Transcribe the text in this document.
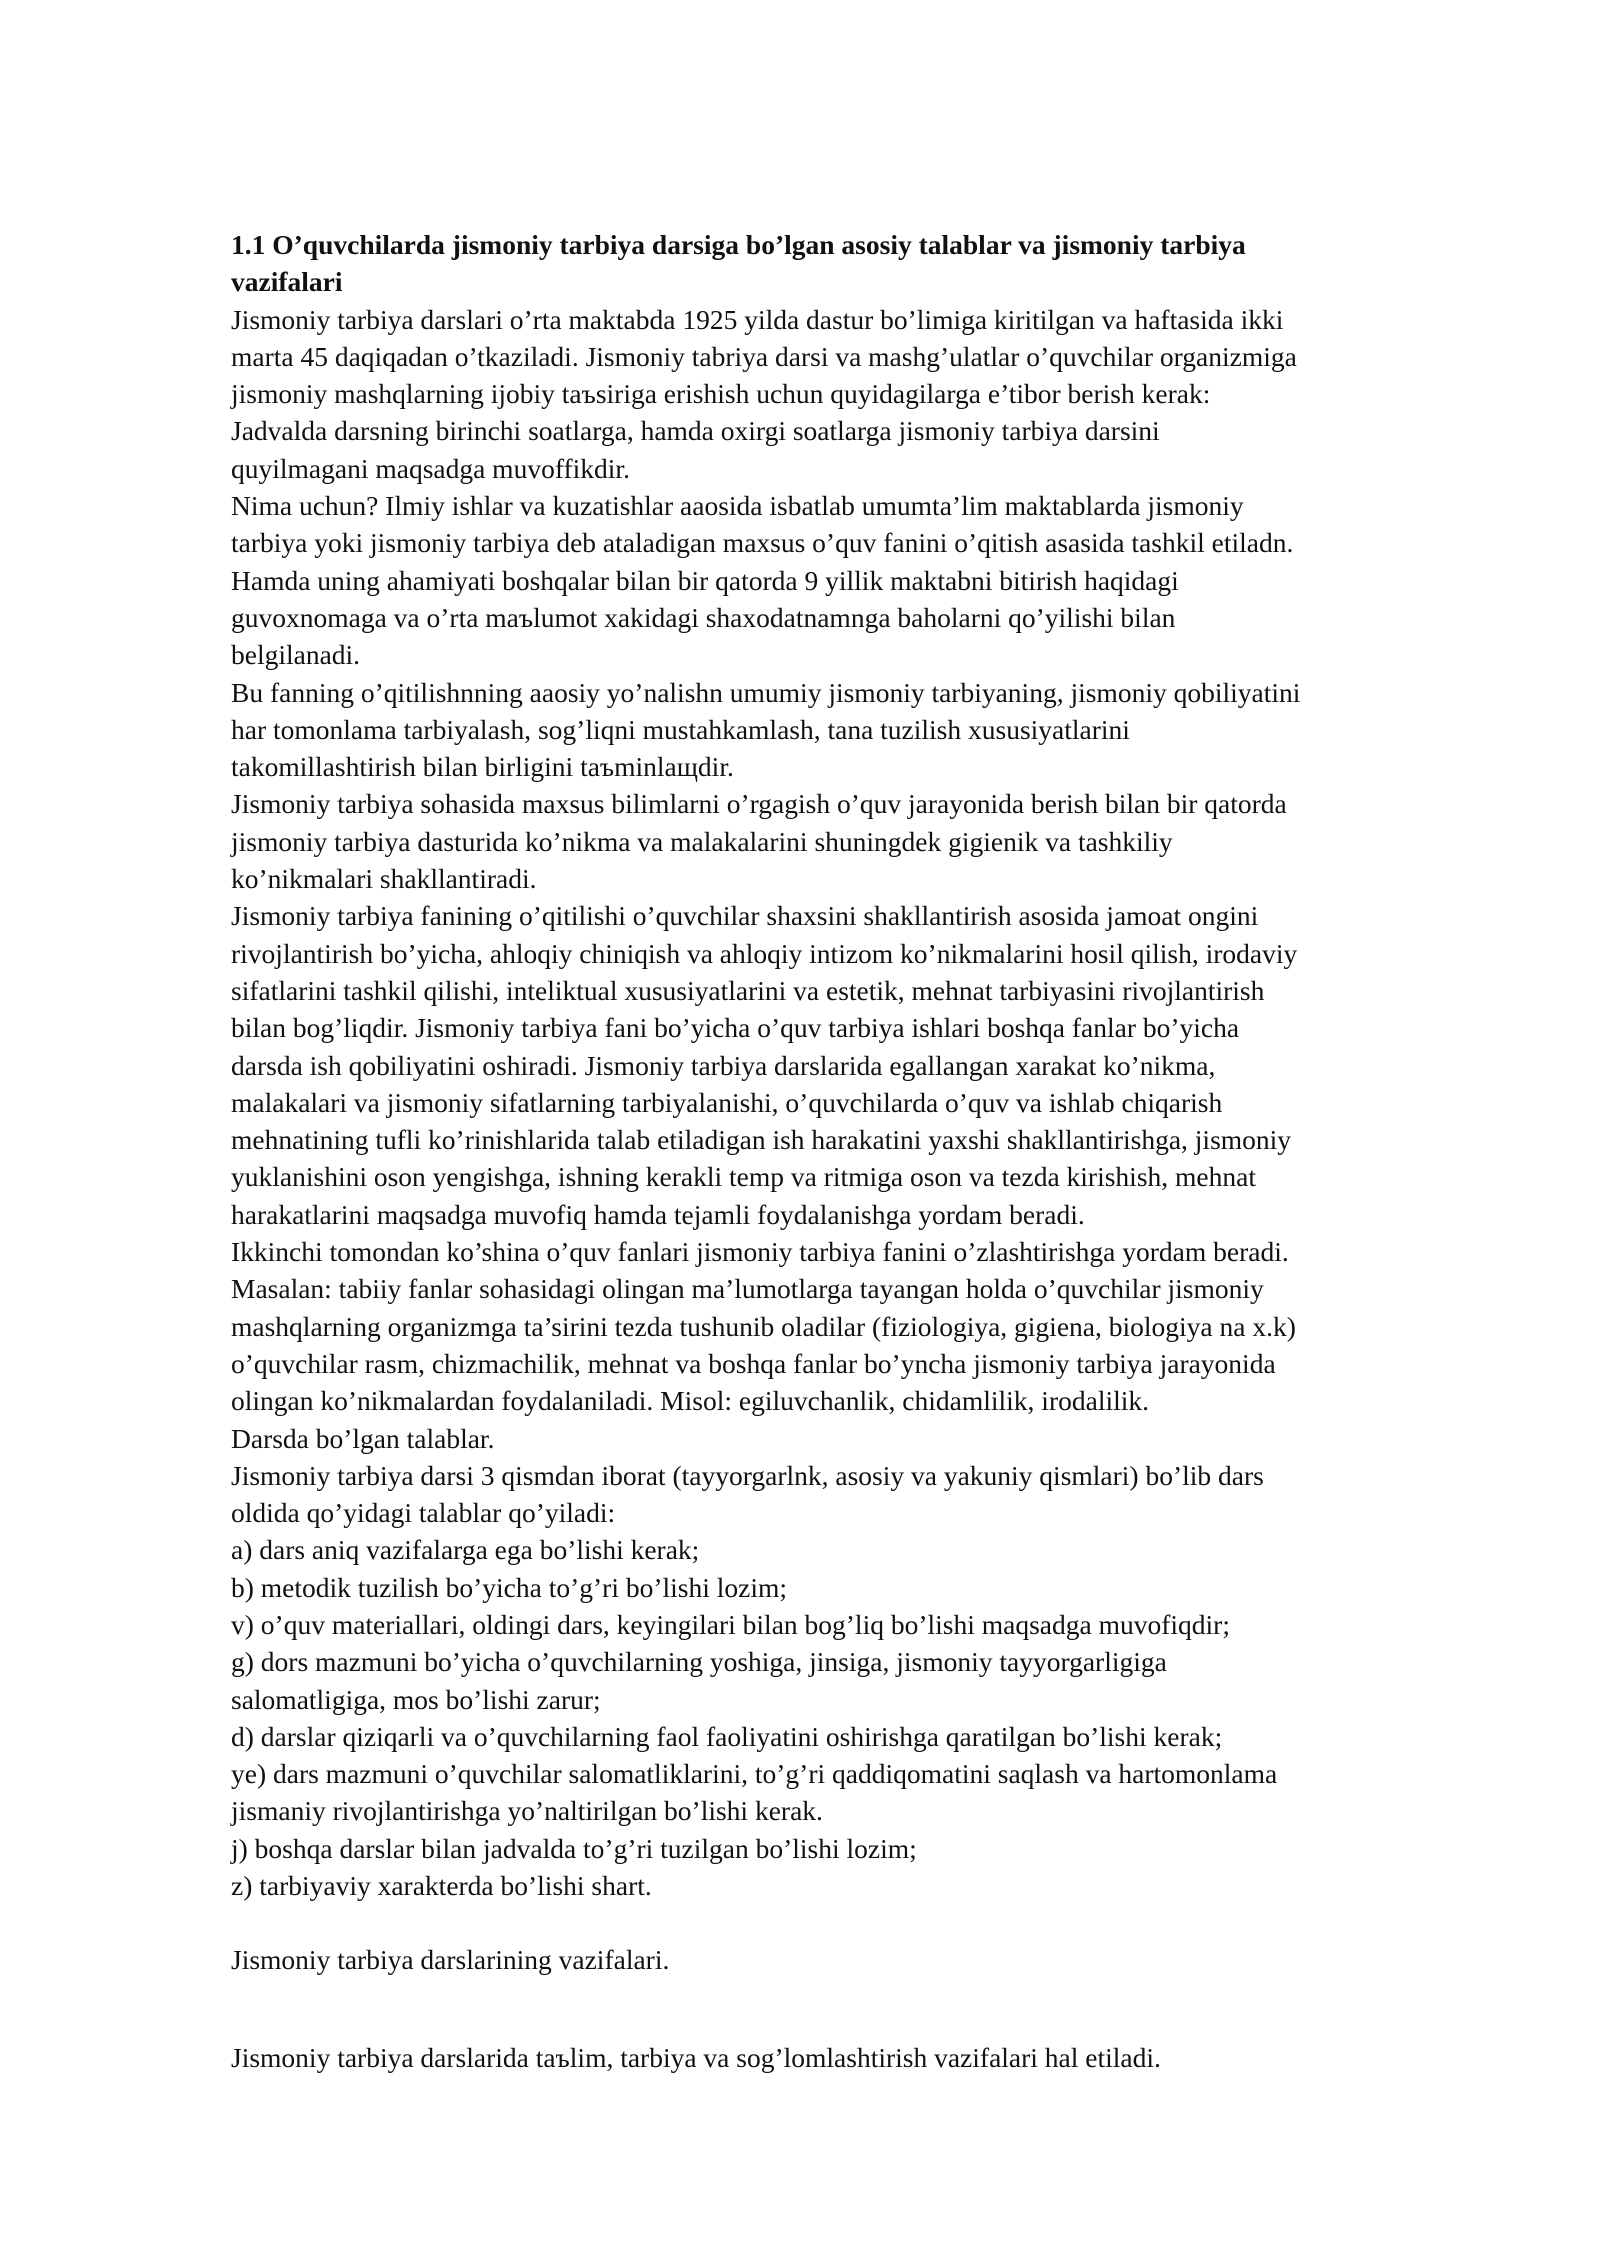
1.1 O’quvchilarda jismoniy tarbiya darsiga bo’lgan asosiy talablar va jismoniy tarbiya
vazifalari

Jismoniy tarbiya darslari o’rta maktabda 1925 yilda dastur bo’limiga kiritilgan va haftasida ikki
marta 45 daqiqadan o’tkaziladi. Jismoniy tabriya darsi va mashg’ulatlar o’quvchilar organizmiga
jismoniy mashqlarning ijobiy taъsiriga erishish uchun quyidagilarga e’tibor berish kerak:

Jadvalda darsning birinchi soatlarga, hamda oxirgi soatlarga jismoniy tarbiya darsini
quyilmagani maqsadga muvoffikdir.

Nima uchun? Ilmiy ishlar va kuzatishlar aaosida isbatlab umumta’lim maktablarda jismoniy
tarbiya yoki jismoniy tarbiya deb ataladigan maxsus o’quv fanini o’qitish asasida tashkil etiladn.
Hamda uning ahamiyati boshqalar bilan bir qatorda 9 yillik maktabni bitirish haqidagi
guvoxnomaga va o’rta maъlumot xakidagi shaxodatnamnga baholarni qo’yilishi bilan
belgilanadi.

Bu fanning o’qitilishnning aaosiy yo’nalishn umumiy jismoniy tarbiyaning, jismoniy qobiliyatini
har tomonlama tarbiyalash, sog’liqni mustahkamlash, tana tuzilish xususiyatlarini
takomillashtirish bilan birligini taъminlaщdir.

Jismoniy tarbiya sohasida maxsus bilimlarni o’rgagish o’quv jarayonida berish bilan bir qatorda
jismoniy tarbiya dasturida ko’nikma va malakalarini shuningdek gigienik va tashkiliy
ko’nikmalari shakllantiradi.

Jismoniy tarbiya fanining o’qitilishi o’quvchilar shaxsini shakllantirish asosida jamoat ongini
rivojlantirish bo’yicha, ahloqiy chiniqish va ahloqiy intizom ko’nikmalarini hosil qilish, irodaviy
sifatlarini tashkil qilishi, inteliktual xususiyatlarini va estetik, mehnat tarbiyasini rivojlantirish
bilan bog’liqdir. Jismoniy tarbiya fani bo’yicha o’quv tarbiya ishlari boshqa fanlar bo’yicha
darsda ish qobiliyatini oshiradi. Jismoniy tarbiya darslarida egallangan xarakat ko’nikma,
malakalari va jismoniy sifatlarning tarbiyalanishi, o’quvchilarda o’quv va ishlab chiqarish
mehnatining tufli ko’rinishlarida talab etiladigan ish harakatini yaxshi shakllantirishga, jismoniy
yuklanishini oson yengishga, ishning kerakli temp va ritmiga oson va tezda kirishish, mehnat
harakatlarini maqsadga muvofiq hamda tejamli foydalanishga yordam beradi.

Ikkinchi tomondan ko’shina o’quv fanlari jismoniy tarbiya fanini o’zlashtirishga yordam beradi.
Masalan: tabiiy fanlar sohasidagi olingan ma’lumotlarga tayangan holda o’quvchilar jismoniy
mashqlarning organizmga ta’sirini tezda tushunib oladilar (fiziologiya, gigiena, biologiya na x.k)
o’quvchilar rasm, chizmachilik, mehnat va boshqa fanlar bo’yncha jismoniy tarbiya jarayonida
olingan ko’nikmalardan foydalaniladi. Misol: egiluvchanlik, chidamlilik, irodalilik.

Darsda bo’lgan talablar.

Jismoniy tarbiya darsi 3 qismdan iborat (tayyorgarlnk, asosiy va yakuniy qismlari) bo’lib dars
oldida qo’yidagi talablar qo’yiladi:

a) dars aniq vazifalarga ega bo’lishi kerak;

b) metodik tuzilish bo’yicha to’g’ri bo’lishi lozim;

v) o’quv materiallari, oldingi dars, keyingilari bilan bog’liq bo’lishi maqsadga muvofiqdir;

g) dors mazmuni bo’yicha o’quvchilarning yoshiga, jinsiga, jismoniy tayyorgarligiga
salomatligiga, mos bo’lishi zarur;

d) darslar qiziqarli va o’quvchilarning faol faoliyatini oshirishga qaratilgan bo’lishi kerak;

ye) dars mazmuni o’quvchilar salomatliklarini, to’g’ri qaddiqomatini saqlash va hartomonlama
jismaniy rivojlantirishga yo’naltirilgan bo’lishi kerak.

j) boshqa darslar bilan jadvalda to’g’ri tuzilgan bo’lishi lozim;

z) tarbiyaviy xarakterda bo’lishi shart.

Jismoniy tarbiya darslarining vazifalari.

Jismoniy tarbiya darslarida taъlim, tarbiya va sog’lomlashtirish vazifalari hal etiladi.
